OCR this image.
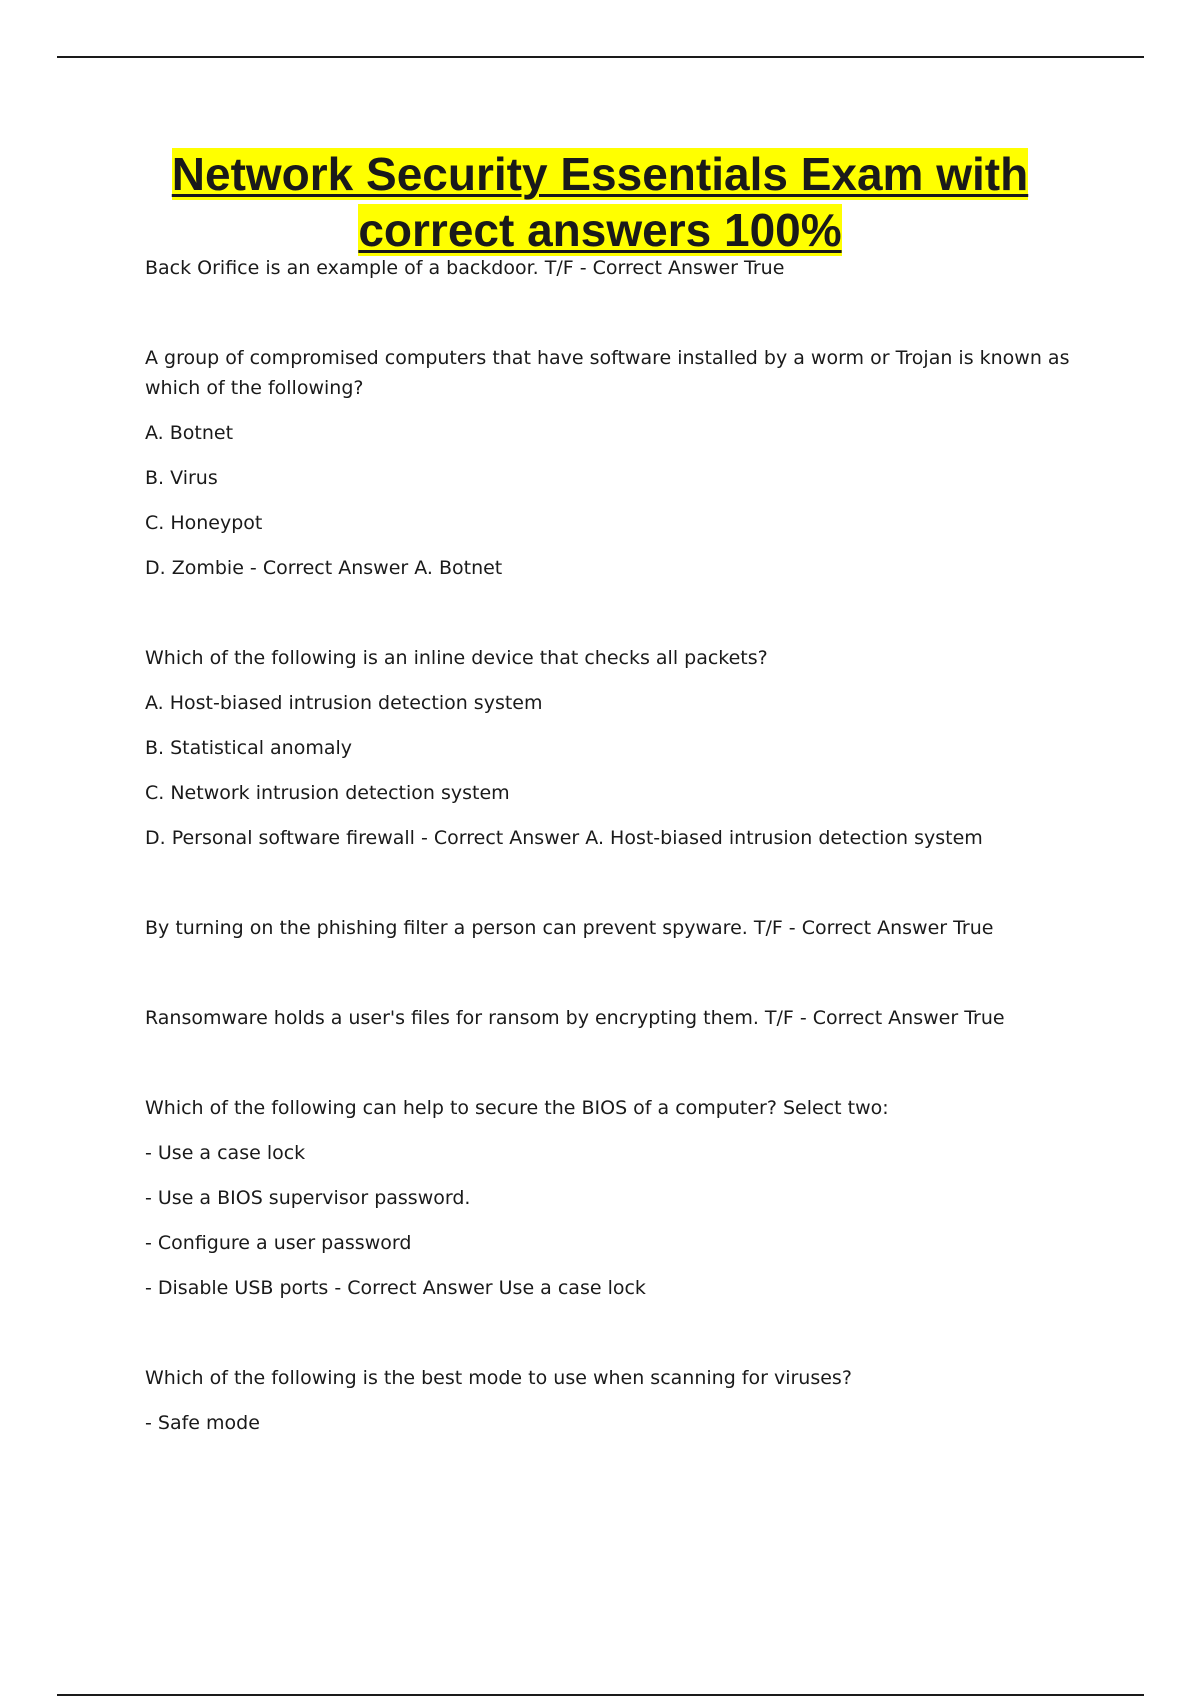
Network Security Essentials Exam with
correct answers 100%

Back Orifice is an example of a backdoor. T/F - Correct Answer True

A group of compromised computers that have software installed by a worm or Trojan is known as which of the following?

A. Botnet

B. Virus

C. Honeypot

D. Zombie - Correct Answer A. Botnet

Which of the following is an inline device that checks all packets?

A. Host-biased intrusion detection system

B. Statistical anomaly

C. Network intrusion detection system

D. Personal software firewall - Correct Answer A. Host-biased intrusion detection system

By turning on the phishing filter a person can prevent spyware. T/F - Correct Answer True

Ransomware holds a user's files for ransom by encrypting them. T/F - Correct Answer True

Which of the following can help to secure the BIOS of a computer? Select two:

- Use a case lock

- Use a BIOS supervisor password.

- Configure a user password

- Disable USB ports - Correct Answer Use a case lock

Which of the following is the best mode to use when scanning for viruses?

- Safe mode
